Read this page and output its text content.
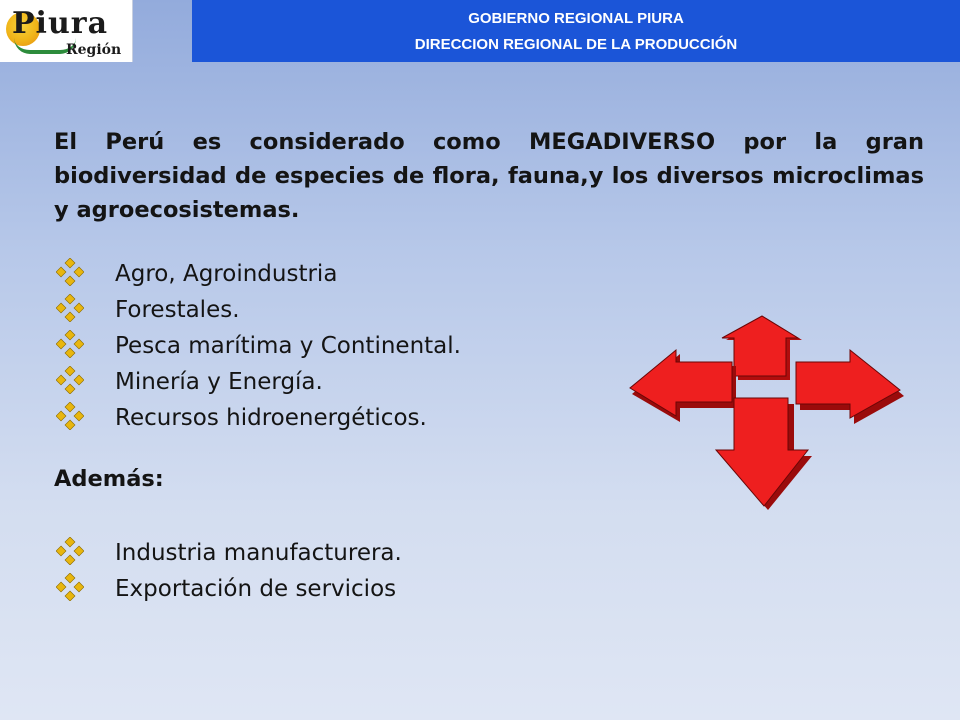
Piura
Región
GOBIERNO REGIONAL PIURA
DIRECCION REGIONAL DE LA PRODUCCIÓN
El Perú es considerado como MEGADIVERSO por la gran biodiversidad de especies de flora, fauna,y los diversos microclimas y agroecosistemas.
Agro, Agroindustria
Forestales.
Pesca marítima y Continental.
Minería y Energía.
Recursos hidroenergéticos.
Además:
Industria manufacturera.
Exportación de servicios
